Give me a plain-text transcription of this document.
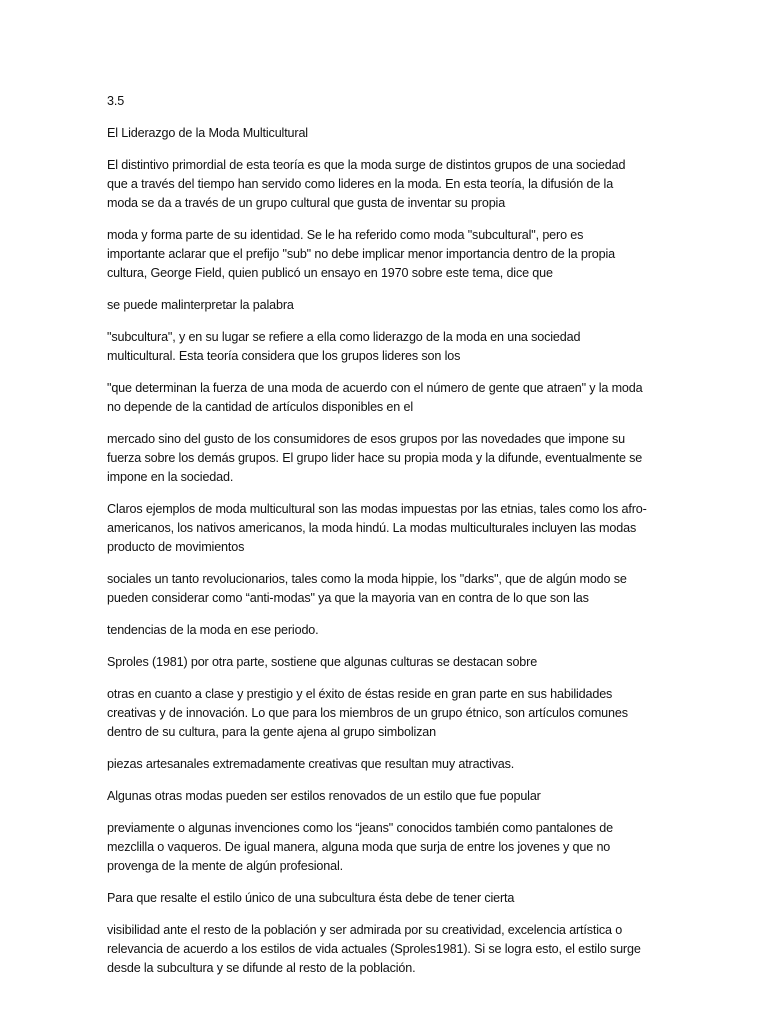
3.5
El Liderazgo de la Moda Multicultural
El distintivo primordial de esta teoría es que la moda surge de distintos grupos de una sociedad
que a través del tiempo han servido como lideres en la moda. En esta teoría, la difusión de la
moda se da a través de un grupo cultural que gusta de inventar su propia
moda y forma parte de su identidad. Se le ha referido como moda "subcultural", pero es
importante aclarar que el prefijo "sub" no debe implicar menor importancia dentro de la propia
cultura, George Field, quien publicó un ensayo en 1970 sobre este tema, dice que
se puede malinterpretar la palabra
"subcultura", y en su lugar se refiere a ella como liderazgo de la moda en una sociedad
multicultural. Esta teoría considera que los grupos lideres son los
"que determinan la fuerza de una moda de acuerdo con el número de gente que atraen" y la moda
no depende de la cantidad de artículos disponibles en el
mercado sino del gusto de los consumidores de esos grupos por las novedades que impone su
fuerza sobre los demás grupos. El grupo lider hace su propia moda y la difunde, eventualmente se
impone en la sociedad.
Claros ejemplos de moda multicultural son las modas impuestas por las etnias, tales como los afro-
americanos, los nativos americanos, la moda hindú. La modas multiculturales incluyen las modas
producto de movimientos
sociales un tanto revolucionarios, tales como la moda hippie, los "darks", que de algún modo se
pueden considerar como “anti-modas" ya que la mayoria van en contra de lo que son las
tendencias de la moda en ese periodo.
Sproles (1981) por otra parte, sostiene que algunas culturas se destacan sobre
otras en cuanto a clase y prestigio y el éxito de éstas reside en gran parte en sus habilidades
creativas y de innovación. Lo que para los miembros de un grupo étnico, son artículos comunes
dentro de su cultura, para la gente ajena al grupo simbolizan
piezas artesanales extremadamente creativas que resultan muy atractivas.
Algunas otras modas pueden ser estilos renovados de un estilo que fue popular
previamente o algunas invenciones como los “jeans" conocidos también como pantalones de
mezclilla o vaqueros. De igual manera, alguna moda que surja de entre los jovenes y que no
provenga de la mente de algún profesional.
Para que resalte el estilo único de una subcultura ésta debe de tener cierta
visibilidad ante el resto de la población y ser admirada por su creatividad, excelencia artística o
relevancia de acuerdo a los estilos de vida actuales (Sproles1981). Si se logra esto, el estilo surge
desde la subcultura y se difunde al resto de la población.
